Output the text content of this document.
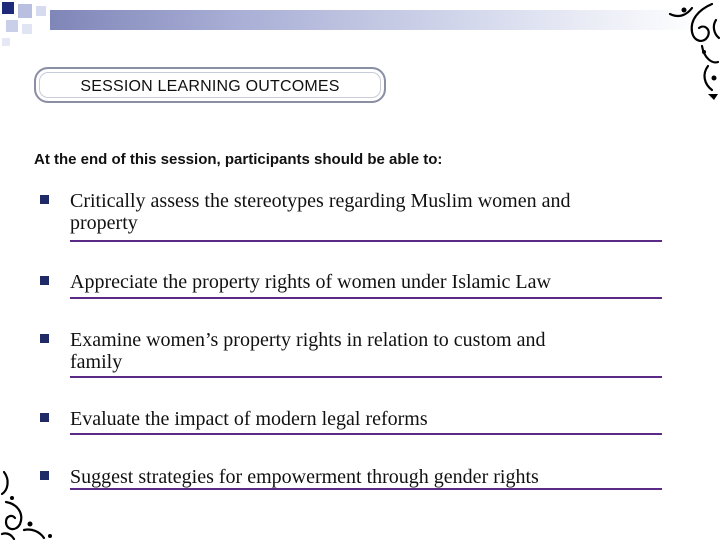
SESSION LEARNING OUTCOMES
At the end of this session, participants should be able to:
Critically assess the stereotypes regarding Muslim women and
property
Appreciate the property rights of women under Islamic Law
Examine women’s property rights in relation to custom and
family
Evaluate the impact of modern legal reforms
Suggest strategies for empowerment through gender rights
